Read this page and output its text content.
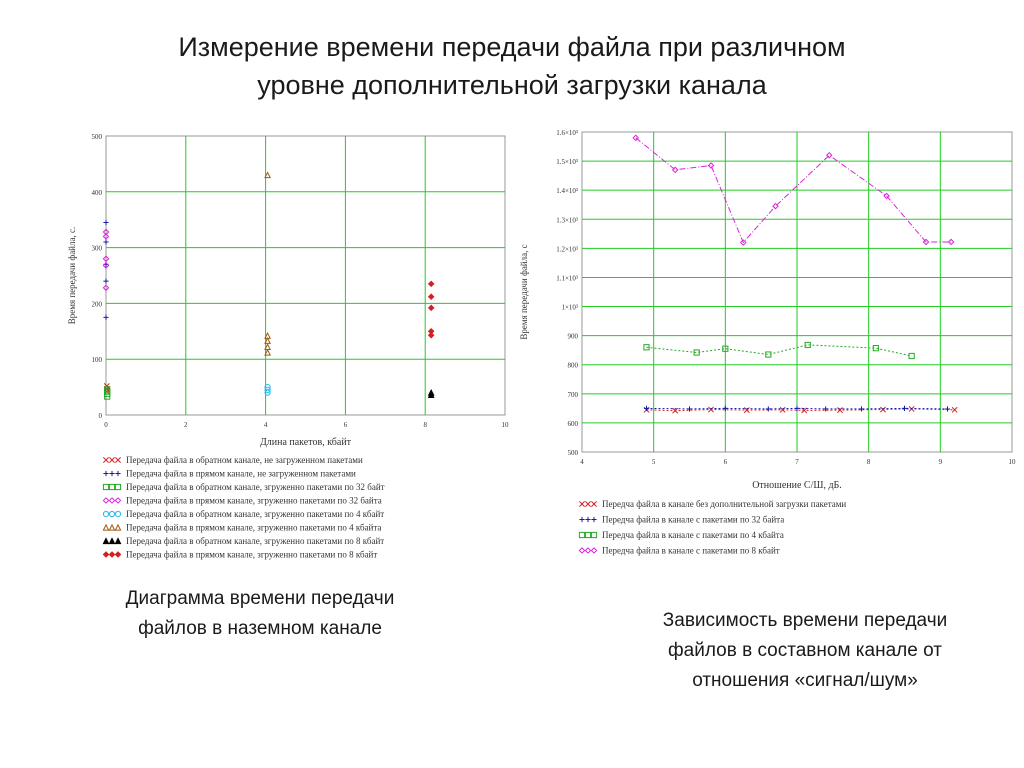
Измерение времени передачи файла при различном
уровне дополнительной загрузки канала
0	2	4	6	8	10
0
100
200
300
400
500
Длина пакетов, кбайт
Время передачи файла, с.
Передача файла в обратном канале, не загруженном пакетами
Передача файла в прямом канале, не загруженном пакетами
Передача файла в обратном канале, згруженно пакетами по 32 байт
Передача файла в прямом канале, згруженно пакетами по 32 байта
Передача файла в обратном канале, згруженно пакетами по 4 кбайт
Передача файла в прямом канале, згруженно пакетами по 4 кбайта
Передача файла в обратном канале, згруженно пакетами по 8 кбайт
Передача файла в прямом канале, згруженно пакетами по 8 кбайт
4	5	6	7	8	9	10
500
600
700
800
900
1×10³
1.1×10³
1.2×10³
1.3×10³
1.4×10³
1.5×10³
1.6×10³
Отношение С/Ш, дБ.
Время передачи файла, с
Передча файла в канале без дополнительной загрузки пакетами
Передча файла в канале с пакетами по 32 байта
Передча файла в канале с пакетами по 4 кбайта
Передча файла в канале с пакетами по 8 кбайт
Диаграмма времени передачи
файлов в наземном канале	Зависимость времени передачи
файлов в составном канале от
отношения «сигнал/шум»
